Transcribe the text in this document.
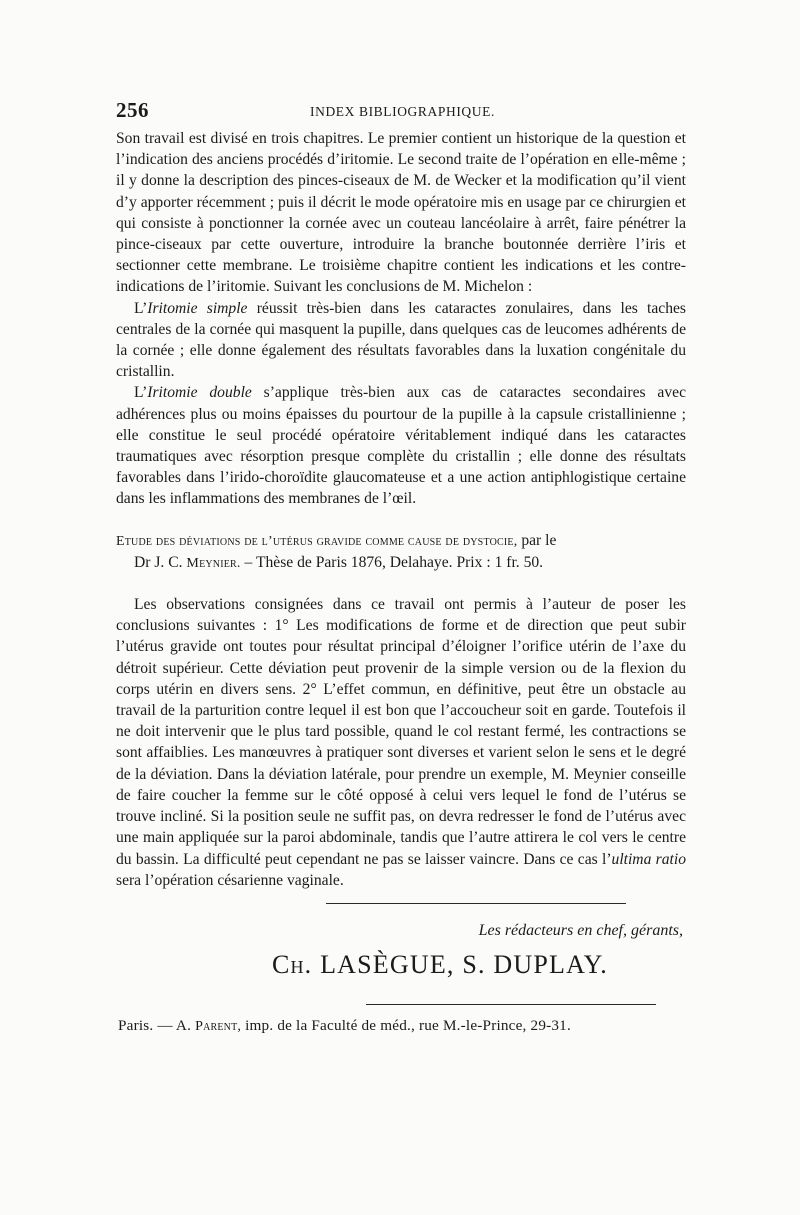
256	INDEX BIBLIOGRAPHIQUE.

Son travail est divisé en trois chapitres. Le premier contient un historique de la question et l’indication des anciens procédés d’iritomie. Le second traite de l’opération en elle-même ; il y donne la description des pinces-ciseaux de M. de Wecker et la modification qu’il vient d’y apporter récemment ; puis il décrit le mode opératoire mis en usage par ce chirurgien et qui consiste à ponctionner la cornée avec un couteau lancéolaire à arrêt, faire pénétrer la pince-ciseaux par cette ouverture, introduire la branche boutonnée derrière l’iris et sectionner cette membrane. Le troisième chapitre contient les indications et les contre-indications de l’iritomie. Suivant les conclusions de M. Michelon :

L’Iritomie simple réussit très-bien dans les cataractes zonulaires, dans les taches centrales de la cornée qui masquent la pupille, dans quelques cas de leucomes adhérents de la cornée ; elle donne également des résultats favorables dans la luxation congénitale du cristallin.

L’Iritomie double s’applique très-bien aux cas de cataractes secondaires avec adhérences plus ou moins épaisses du pourtour de la pupille à la capsule cristallinienne ; elle constitue le seul procédé opératoire véritablement indiqué dans les cataractes traumatiques avec résorption presque complète du cristallin ; elle donne des résultats favorables dans l’irido-choroïdite glaucomateuse et a une action antiphlogistique certaine dans les inflammations des membranes de l’œil.

Etude des déviations de l’utérus gravide comme cause de dystocie, par le
Dr J. C. Meynier. – Thèse de Paris 1876, Delahaye. Prix : 1 fr. 50.

Les observations consignées dans ce travail ont permis à l’auteur de poser les conclusions suivantes : 1° Les modifications de forme et de direction que peut subir l’utérus gravide ont toutes pour résultat principal d’éloigner l’orifice utérin de l’axe du détroit supérieur. Cette déviation peut provenir de la simple version ou de la flexion du corps utérin en divers sens. 2° L’effet commun, en définitive, peut être un obstacle au travail de la parturition contre lequel il est bon que l’accoucheur soit en garde. Toutefois il ne doit intervenir que le plus tard possible, quand le col restant fermé, les contractions se sont affaiblies. Les manœuvres à pratiquer sont diverses et varient selon le sens et le degré de la déviation. Dans la déviation latérale, pour prendre un exemple, M. Meynier conseille de faire coucher la femme sur le côté opposé à celui vers lequel le fond de l’utérus se trouve incliné. Si la position seule ne suffit pas, on devra redresser le fond de l’utérus avec une main appliquée sur la paroi abdominale, tandis que l’autre attirera le col vers le centre du bassin. La difficulté peut cependant ne pas se laisser vaincre. Dans ce cas l’ultima ratio sera l’opération césarienne vaginale.

Les rédacteurs en chef, gérants,
Ch. LASÈGUE, S. DUPLAY.
Paris. — A. Parent, imp. de la Faculté de méd., rue M.-le-Prince, 29-31.
